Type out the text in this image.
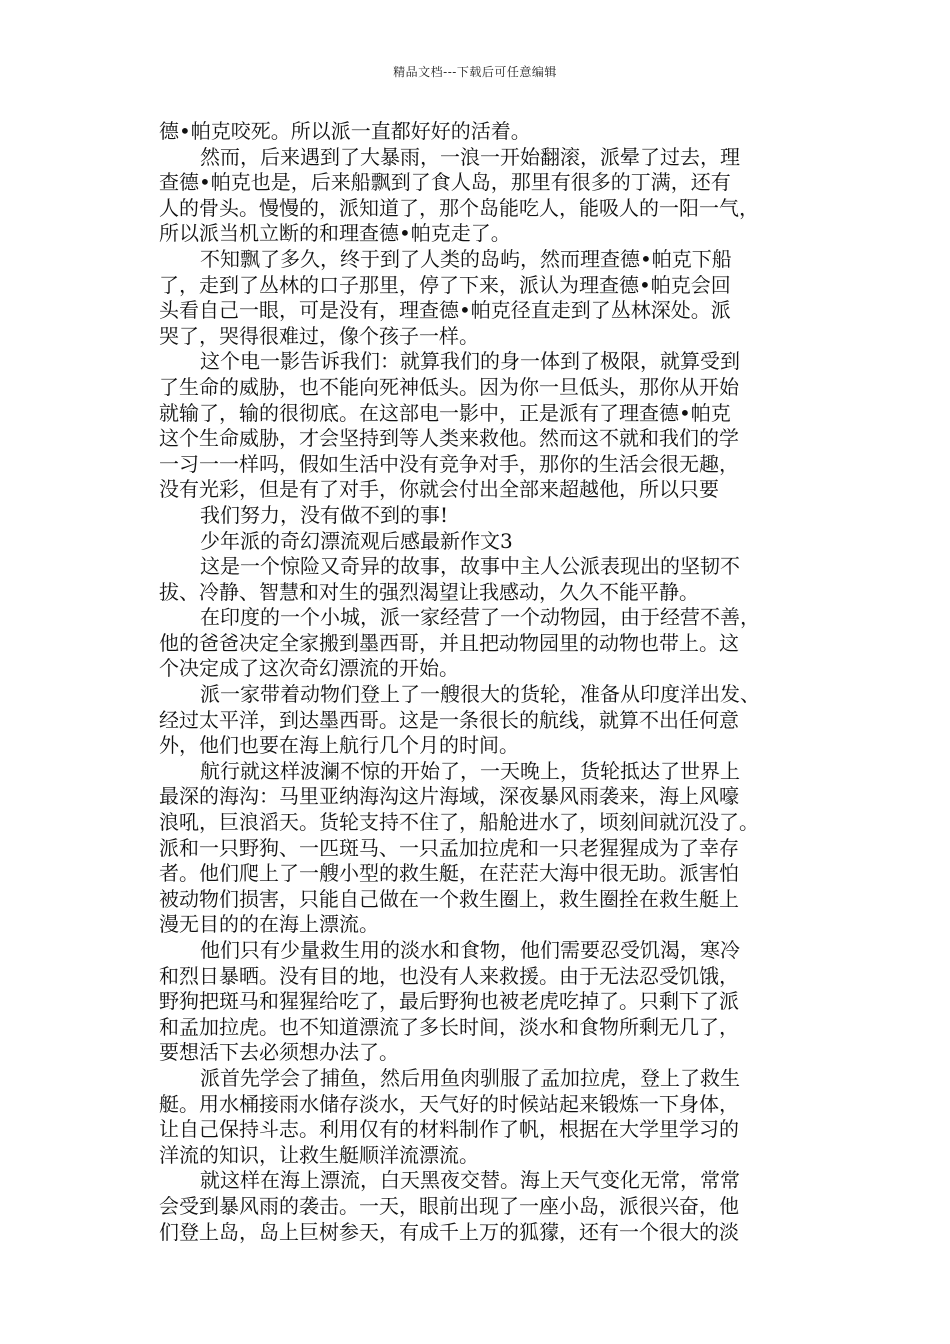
精品文档---下载后可任意编辑
德•帕克咬死。所以派一直都好好的活着。
然而，后来遇到了大暴雨，一浪一开始翻滚，派晕了过去，理
查德•帕克也是，后来船飘到了食人岛，那里有很多的丁满，还有
人的骨头。慢慢的，派知道了，那个岛能吃人，能吸人的一阳一气，
所以派当机立断的和理查德•帕克走了。
不知飘了多久，终于到了人类的岛屿，然而理查德•帕克下船
了，走到了丛林的口子那里，停了下来，派认为理查德•帕克会回
头看自己一眼，可是没有，理查德•帕克径直走到了丛林深处。派
哭了，哭得很难过，像个孩子一样。
这个电一影告诉我们：就算我们的身一体到了极限，就算受到
了生命的威胁，也不能向死神低头。因为你一旦低头，那你从开始
就输了，输的很彻底。在这部电一影中，正是派有了理查德•帕克
这个生命威胁，才会坚持到等人类来救他。然而这不就和我们的学
一习一一样吗，假如生活中没有竞争对手，那你的生活会很无趣，
没有光彩，但是有了对手，你就会付出全部来超越他，所以只要
我们努力，没有做不到的事!
少年派的奇幻漂流观后感最新作文3
这是一个惊险又奇异的故事，故事中主人公派表现出的坚韧不
拔、冷静、智慧和对生的强烈渴望让我感动，久久不能平静。
在印度的一个小城，派一家经营了一个动物园，由于经营不善，
他的爸爸决定全家搬到墨西哥，并且把动物园里的动物也带上。这
个决定成了这次奇幻漂流的开始。
派一家带着动物们登上了一艘很大的货轮，准备从印度洋出发、
经过太平洋，到达墨西哥。这是一条很长的航线，就算不出任何意
外，他们也要在海上航行几个月的时间。
航行就这样波澜不惊的开始了，一天晚上，货轮抵达了世界上
最深的海沟：马里亚纳海沟这片海域，深夜暴风雨袭来，海上风嚎
浪吼，巨浪滔天。货轮支持不住了，船舱进水了，顷刻间就沉没了。
派和一只野狗、一匹斑马、一只孟加拉虎和一只老猩猩成为了幸存
者。他们爬上了一艘小型的救生艇，在茫茫大海中很无助。派害怕
被动物们损害，只能自己做在一个救生圈上，救生圈拴在救生艇上
漫无目的的在海上漂流。
他们只有少量救生用的淡水和食物，他们需要忍受饥渴，寒冷
和烈日暴晒。没有目的地，也没有人来救援。由于无法忍受饥饿，
野狗把斑马和猩猩给吃了，最后野狗也被老虎吃掉了。只剩下了派
和孟加拉虎。也不知道漂流了多长时间，淡水和食物所剩无几了，
要想活下去必须想办法了。
派首先学会了捕鱼，然后用鱼肉驯服了孟加拉虎，登上了救生
艇。用水桶接雨水储存淡水，天气好的时候站起来锻炼一下身体，
让自己保持斗志。利用仅有的材料制作了帆，根据在大学里学习的
洋流的知识，让救生艇顺洋流漂流。
就这样在海上漂流，白天黑夜交替。海上天气变化无常，常常
会受到暴风雨的袭击。一天，眼前出现了一座小岛，派很兴奋，他
们登上岛，岛上巨树参天，有成千上万的狐獴，还有一个很大的淡
